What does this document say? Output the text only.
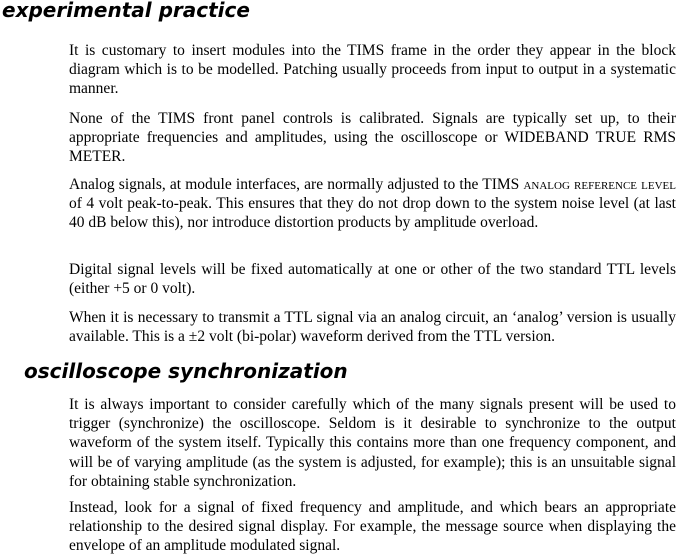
experimental practice

It is customary to insert modules into the TIMS frame in the order they appear in the block diagram which is to be modelled. Patching usually proceeds from input to output in a systematic manner.

None of the TIMS front panel controls is calibrated. Signals are typically set up, to their appropriate frequencies and amplitudes, using the oscilloscope or WIDEBAND TRUE RMS METER.

Analog signals, at module interfaces, are normally adjusted to the TIMS analog reference level of 4 volt peak-to-peak. This ensures that they do not drop down to the system noise level (at last 40 dB below this), nor introduce distortion products by amplitude overload.

Digital signal levels will be fixed automatically at one or other of the two standard TTL levels (either +5 or 0 volt).

When it is necessary to transmit a TTL signal via an analog circuit, an ‘analog’ version is usually available. This is a ±2 volt (bi-polar) waveform derived from the TTL version.

oscilloscope synchronization

It is always important to consider carefully which of the many signals present will be used to trigger (synchronize) the oscilloscope. Seldom is it desirable to synchronize to the output waveform of the system itself. Typically this contains more than one frequency component, and will be of varying amplitude (as the system is adjusted, for example); this is an unsuitable signal for obtaining stable synchronization.

Instead, look for a signal of fixed frequency and amplitude, and which bears an appropriate relationship to the desired signal display. For example, the message source when displaying the envelope of an amplitude modulated signal.
